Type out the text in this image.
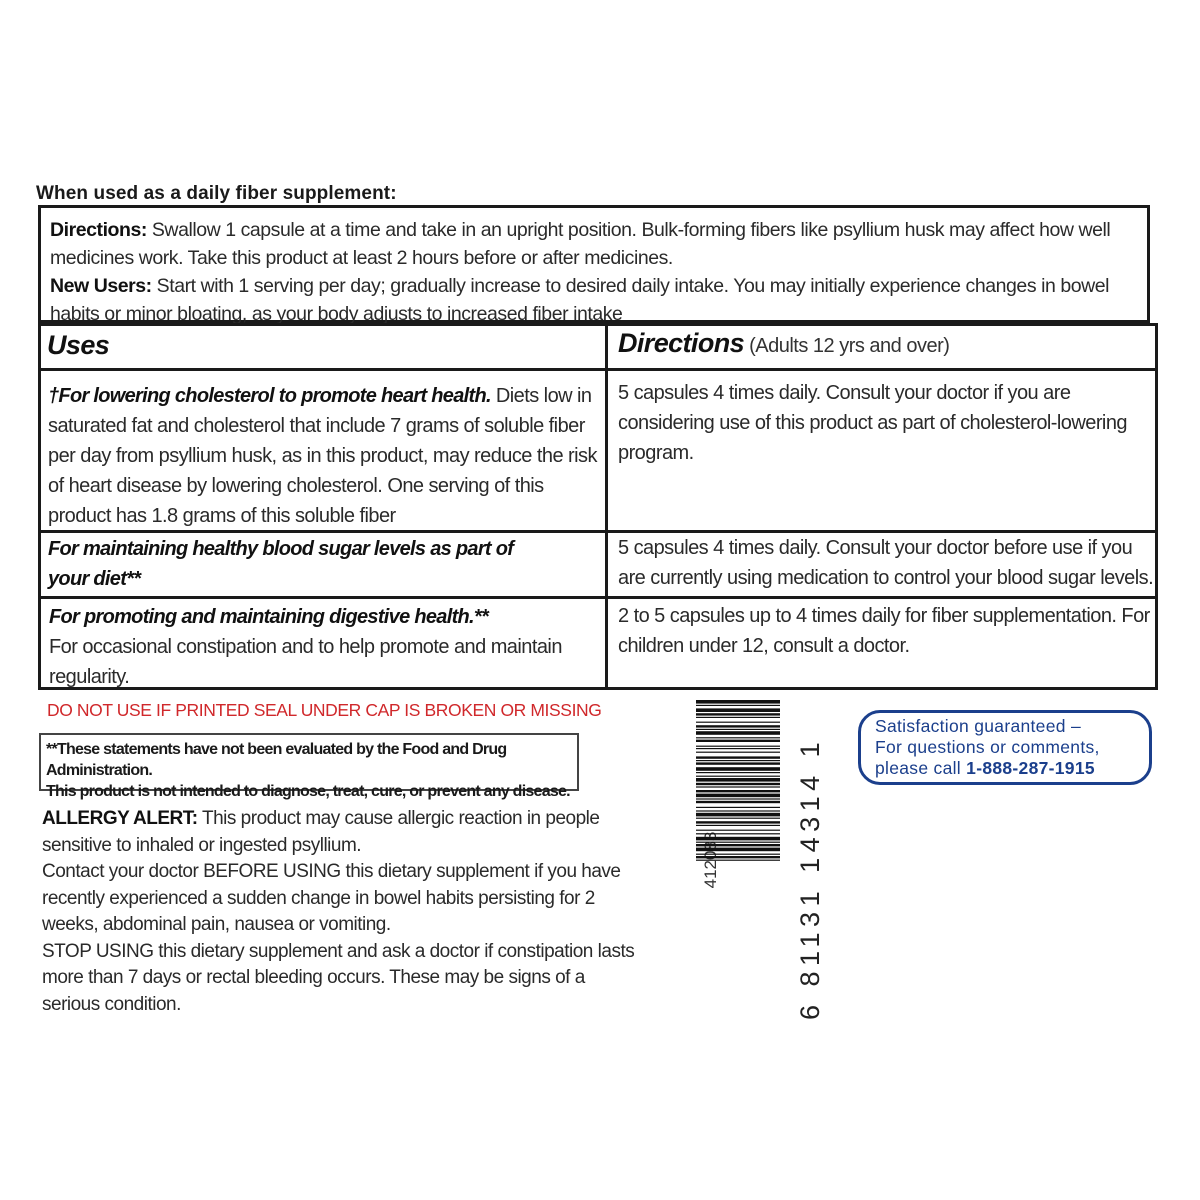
When used as a daily fiber supplement:
Directions: Swallow 1 capsule at a time and take in an upright position. Bulk-forming fibers like psyllium husk may affect how well medicines work. Take this product at least 2 hours before or after medicines.
New Users: Start with 1 serving per day; gradually increase to desired daily intake. You may initially experience changes in bowel habits or minor bloating, as your body adjusts to increased fiber intake
Uses	Directions (Adults 12 yrs and over)
†For lowering cholesterol to promote heart health. Diets low in saturated fat and cholesterol that include 7 grams of soluble fiber per day from psyllium husk, as in this product, may reduce the risk of heart disease by lowering cholesterol. One serving of this product has 1.8 grams of this soluble fiber
5 capsules 4 times daily. Consult your doctor if you are considering use of this product as part of cholesterol-lowering program.
For maintaining healthy blood sugar levels as part of your diet**
5 capsules 4 times daily. Consult your doctor before use if you are currently using medication to control your blood sugar levels.
For promoting and maintaining digestive health.**
For occasional constipation and to help promote and maintain regularity.
2 to 5 capsules up to 4 times daily for fiber supplementation. For children under 12, consult a doctor.
DO NOT USE IF PRINTED SEAL UNDER CAP IS BROKEN OR MISSING
**These statements have not been evaluated by the Food and Drug Administration.
This product is not intended to diagnose, treat, cure, or prevent any disease.
ALLERGY ALERT: This product may cause allergic reaction in people sensitive to inhaled or ingested psyllium.
Contact your doctor BEFORE USING this dietary supplement if you have recently experienced a sudden change in bowel habits persisting for 2 weeks, abdominal pain, nausea or vomiting.
STOP USING this dietary supplement and ask a doctor if constipation lasts more than 7 days or rectal bleeding occurs. These may be signs of a serious condition.	6 81131 14314 1
Satisfaction guaranteed –
For questions or comments,
please call 1-888-287-1915
